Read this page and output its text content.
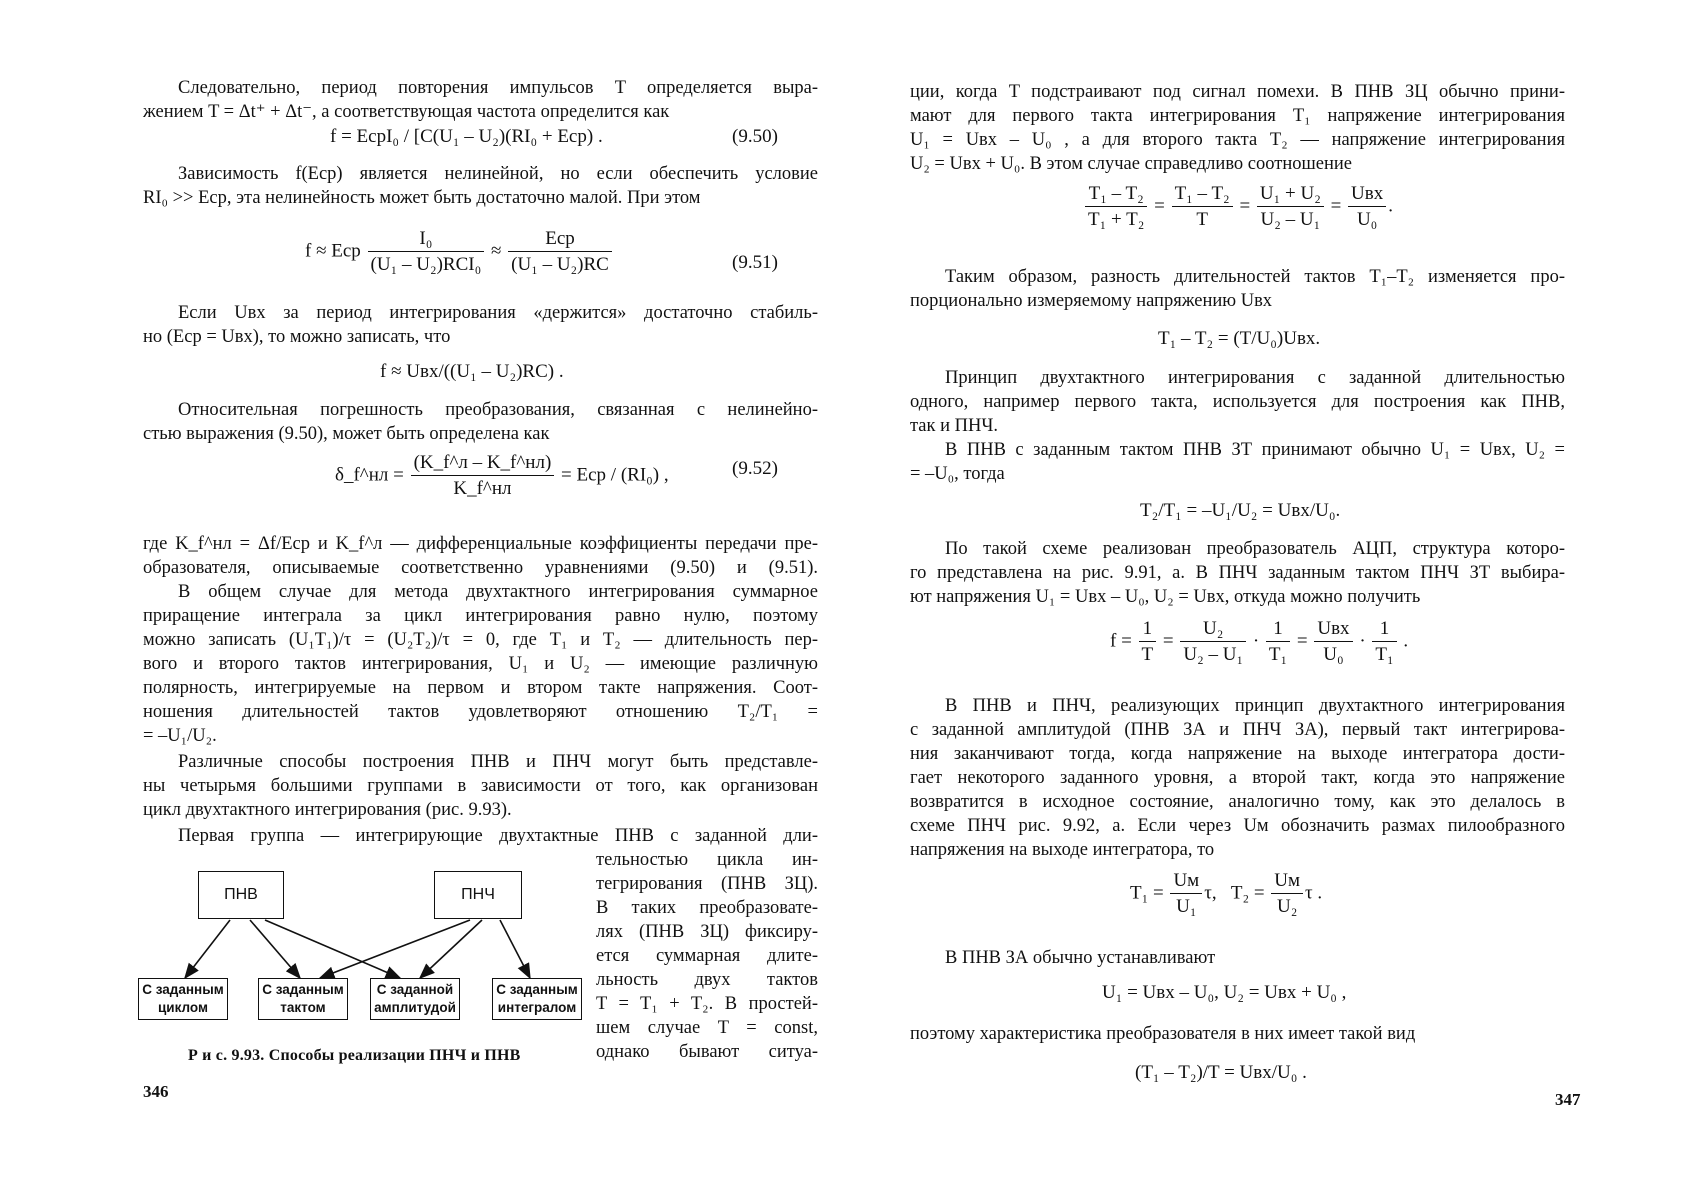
Следовательно, период повторения импульсов T определяется выра-

жением T = Δt⁺ + Δt⁻, а соответствующая частота определится как

f = EсрI₀ / [C(U₁ – U₂)(RI₀ + Eср) .	(9.50)

Зависимость f(Eср) является нелинейной, но если обеспечить условие

RI₀ >> Eср, эта нелинейность может быть достаточно малой. При этом

f ≈ Eср $\frac{\text{I₀}}{\text{(U₁ – U₂)RCI₀}} \approx \frac{\text{Eср}}{\text{(U₁ – U₂)RC}}$	(9.51)

Если Uвх за период интегрирования «держится» достаточно стабиль-

но (Eср = Uвх), то можно записать, что

f ≈ Uвх/((U₁ – U₂)RC) .

Относительная погрешность преобразования, связанная с нелинейно-

стью выражения (9.50), может быть определена как

δ_f^нл = $\frac{(K\_f\^{}л - K\_f\^{}нл)}{K\_f\^{}нл}$ = Eср / (RI₀) ,	(9.52)

где K_f^нл = Δf/Eср и K_f^л — дифференциальные коэффициенты передачи пре-

образователя, описываемые соответственно уравнениями (9.50) и (9.51).

В общем случае для метода двухтактного интегрирования суммарное

приращение интеграла за цикл интегрирования равно нулю, поэтому

можно записать (U₁T₁)/τ = (U₂T₂)/τ = 0, где T₁ и T₂ — длительность пер-

вого и второго тактов интегрирования, U₁ и U₂ — имеющие различную

полярность, интегрируемые на первом и втором такте напряжения. Соот-

ношения длительностей тактов удовлетворяют отношению T₂/T₁ =

= –U₁/U₂.

Различные способы построения ПНВ и ПНЧ могут быть представле-

ны четырьмя большими группами в зависимости от того, как организован

цикл двухтактного интегрирования (рис. 9.93).

Первая группа — интегрирующие двухтактные ПНВ с заданной дли-

тельностью цикла ин-

тегрирования (ПНВ ЗЦ).

В таких преобразовате-

лях (ПНВ ЗЦ) фиксиру-

ется суммарная длите-

льность двух тактов

T = T₁ + T₂. В простей-

шем случае T = const,

однако бывают ситуа-

ПНВ	ПНЧ
С заданным
циклом
С заданным
тактом
С заданной
амплитудой
С заданным
интегралом
Р и с. 9.93. Способы реализации ПНЧ и ПНВ
346

ции, когда T подстраивают под сигнал помехи. В ПНВ ЗЦ обычно прини-

мают для первого такта интегрирования T₁ напряжение интегрирования

U₁ = Uвх – U₀ , а для второго такта T₂ — напряжение интегрирования

U₂ = Uвх + U₀. В этом случае справедливо соотношение

$\frac{\text{T₁ – T₂}}{\text{T₁ + T₂}} = \frac{\text{T₁ – T₂}}{T} = \frac{\text{U₁ + U₂}}{\text{U₂ – U₁}} = \frac{\text{Uвх}}{\text{U₀}}$ .

Таким образом, разность длительностей тактов T₁–T₂ изменяется про-

порционально измеряемому напряжению Uвх

T₁ – T₂ = (T/U₀)Uвх.

Принцип двухтактного интегрирования с заданной длительностью

одного, например первого такта, используется для построения как ПНВ,

так и ПНЧ.

В ПНВ с заданным тактом ПНВ ЗТ принимают обычно U₁ = Uвх, U₂ =

= –U₀, тогда

T₂/T₁ = –U₁/U₂ = Uвх/U₀.

По такой схеме реализован преобразователь АЦП, структура которо-

го представлена на рис. 9.91, а. В ПНЧ заданным тактом ПНЧ ЗТ выбира-

ют напряжения U₁ = Uвх – U₀, U₂ = Uвх, откуда можно получить

$f = \frac{1}{T} = \frac{\text{U₂}}{\text{U₂ – U₁}} \cdot \frac{1}{\text{T₁}} = \frac{\text{Uвх}}{\text{U₀}} \cdot \frac{1}{\text{T₁}}$ .

В ПНВ и ПНЧ, реализующих принцип двухтактного интегрирования

с заданной амплитудой (ПНВ ЗА и ПНЧ ЗА), первый такт интегрирова-

ния заканчивают тогда, когда напряжение на выходе интегратора дости-

гает некоторого заданного уровня, а второй такт, когда это напряжение

возвратится в исходное состояние, аналогично тому, как это делалось в

схеме ПНЧ рис. 9.92, а. Если через Uм обозначить размах пилообразного

напряжения на выходе интегратора, то

$T_1 = \frac{Uм}{\text{U₁}} \tau$, $T_2 = \frac{Uм}{\text{U₂}}$ τ .

В ПНВ ЗА обычно устанавливают

U₁ = Uвх – U₀, U₂ = Uвх + U₀ ,

поэтому характеристика преобразователя в них имеет такой вид

(T₁ – T₂)/T = Uвх/U₀ .
347
